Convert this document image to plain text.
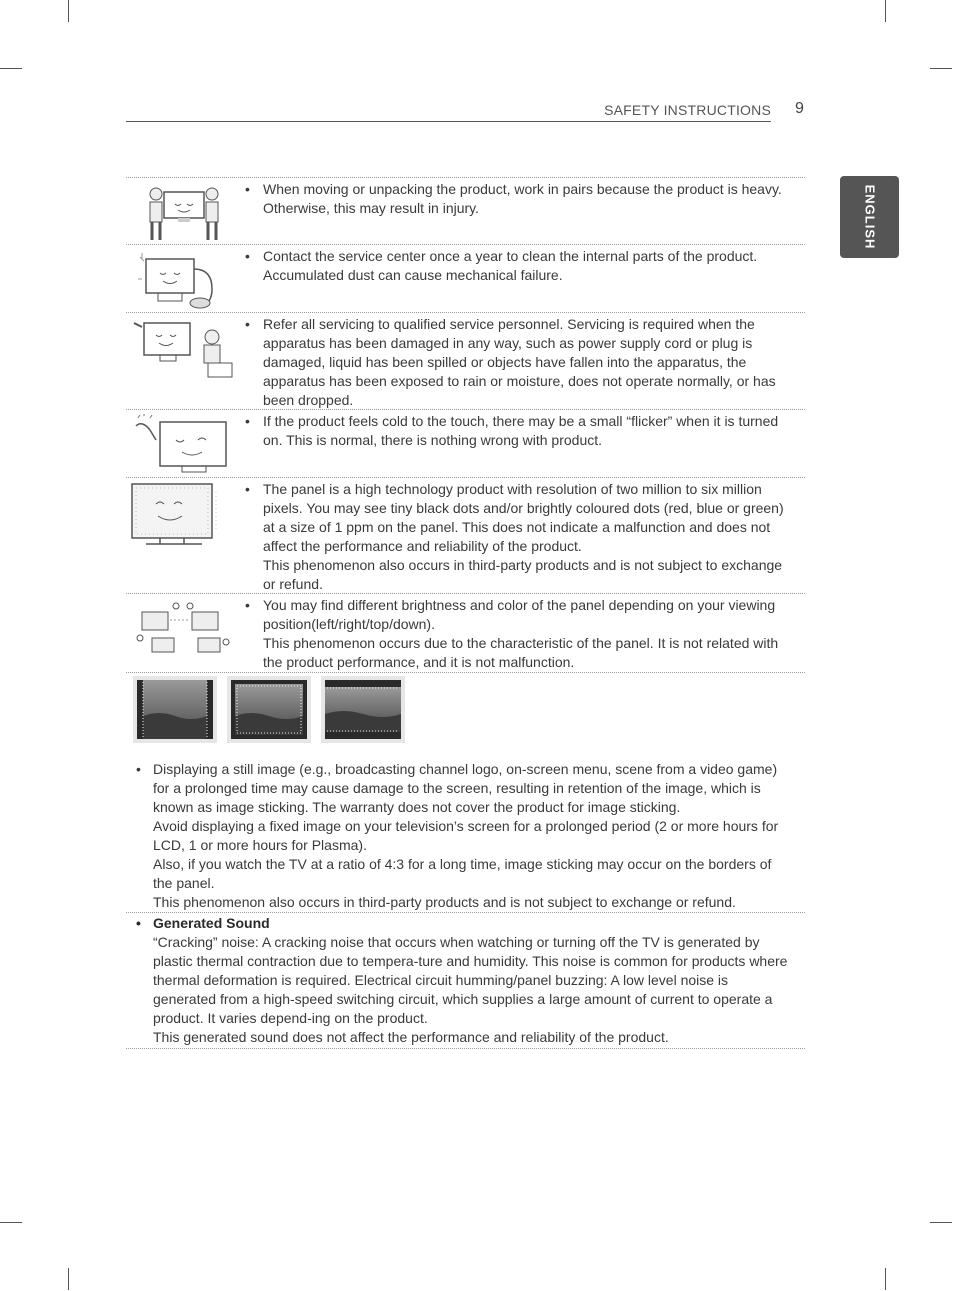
SAFETY INSTRUCTIONS 9
ENGLISH
• When moving or unpacking the product, work in pairs because the product is heavy.
Otherwise, this may result in injury.
• Contact the service center once a year to clean the internal parts of the product. Accumulated dust can cause mechanical failure.
• Refer all servicing to qualified service personnel. Servicing is required when the apparatus has been damaged in any way, such as power supply cord or plug is damaged, liquid has been spilled or objects have fallen into the apparatus, the apparatus has been exposed to rain or moisture, does not operate normally, or has been dropped.
• If the product feels cold to the touch, there may be a small “flicker” when it is turned on. This is normal, there is nothing wrong with product.
• The panel is a high technology product with resolution of two million to six million pixels. You may see tiny black dots and/or brightly coloured dots (red, blue or green) at a size of 1 ppm on the panel. This does not indicate a malfunction and does not affect the performance and reliability of the product.
This phenomenon also occurs in third-party products and is not subject to exchange or refund.
• You may find different brightness and color of the panel depending on your viewing position(left/right/top/down).
This phenomenon occurs due to the characteristic of the panel. It is not related with the product performance, and it is not malfunction.
• Displaying a still image (e.g., broadcasting channel logo, on-screen menu, scene from a video game) for a prolonged time may cause damage to the screen, resulting in retention of the image, which is known as image sticking. The warranty does not cover the product for image sticking.
Avoid displaying a fixed image on your television’s screen for a prolonged period (2 or more hours for LCD, 1 or more hours for Plasma).
Also, if you watch the TV at a ratio of 4:3 for a long time, image sticking may occur on the borders of the panel.
This phenomenon also occurs in third-party products and is not subject to exchange or refund.
• Generated Sound
“Cracking” noise: A cracking noise that occurs when watching or turning off the TV is generated by plastic thermal contraction due to tempera-ture and humidity. This noise is common for products where thermal deformation is required. Electrical circuit humming/panel buzzing: A low level noise is generated from a high-speed switching circuit, which supplies a large amount of current to operate a product. It varies depend-ing on the product.
This generated sound does not affect the performance and reliability of the product.
